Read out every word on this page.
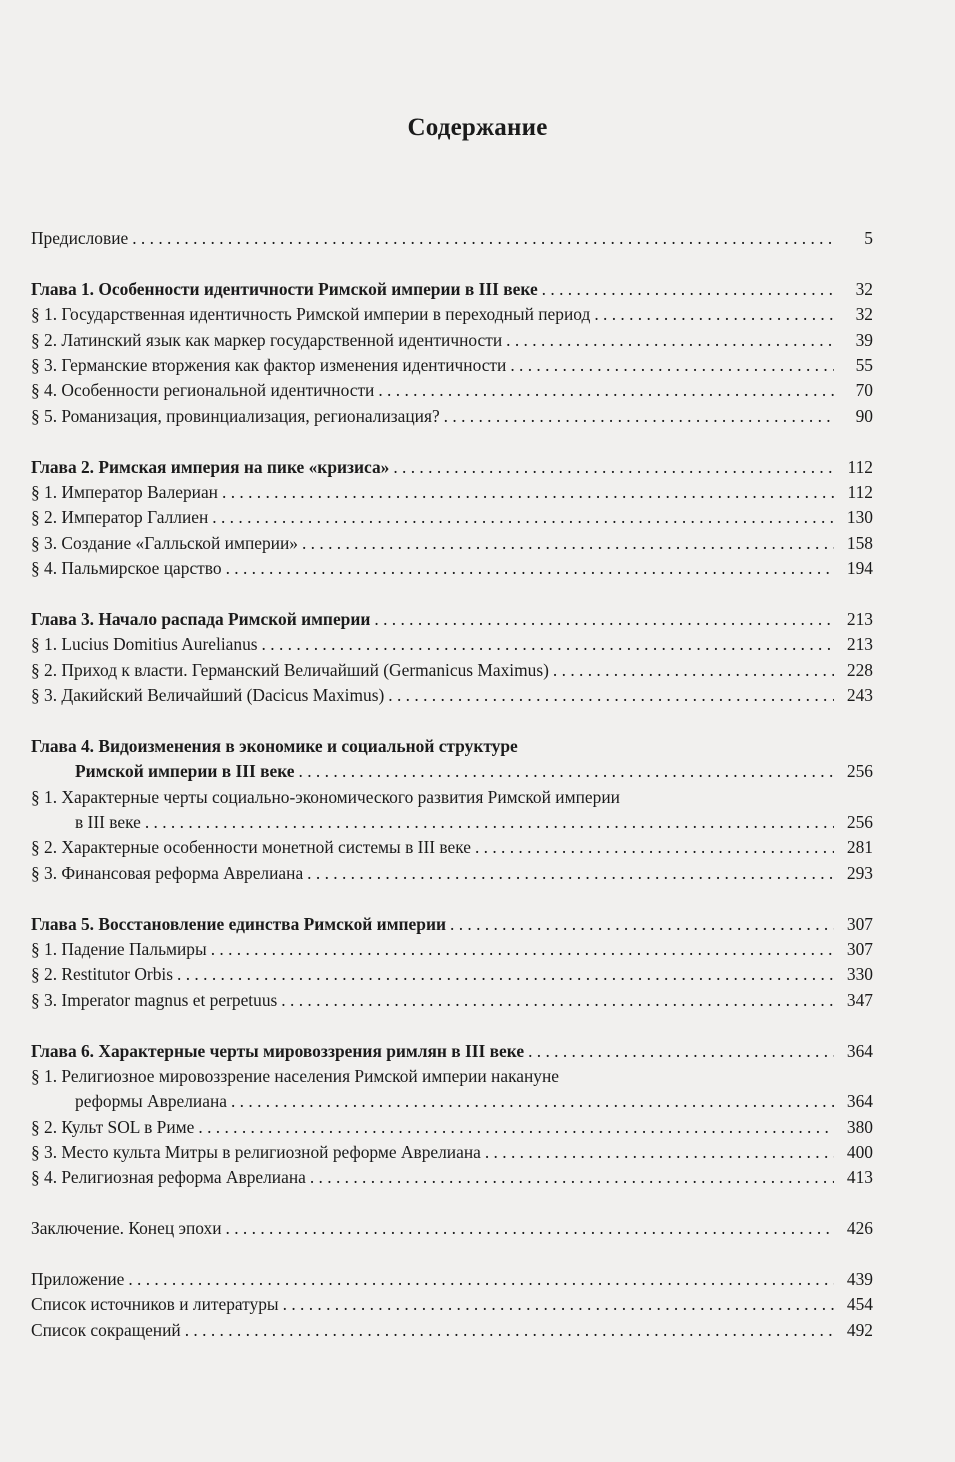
Содержание
Предисловие . . .	5
Глава 1. Особенности идентичности Римской империи в III веке . . .	32
§ 1. Государственная идентичность Римской империи в переходный период . . .	32
§ 2. Латинский язык как маркер государственной идентичности . . .	39
§ 3. Германские вторжения как фактор изменения идентичности . . .	55
§ 4. Особенности региональной идентичности . . .	70
§ 5. Романизация, провинциализация, регионализация? . . .	90
Глава 2. Римская империя на пике «кризиса» . . .	112
§ 1. Император Валериан . . .	112
§ 2. Император Галлиен . . .	130
§ 3. Создание «Галльской империи» . . .	158
§ 4. Пальмирское царство . . .	194
Глава 3. Начало распада Римской империи . . .	213
§ 1. Lucius Domitius Aurelianus . . .	213
§ 2. Приход к власти. Германский Величайший (Germanicus Maximus) . . .	228
§ 3. Дакийский Величайший (Dacicus Maximus) . . .	243
Глава 4. Видоизменения в экономике и социальной структуре
Римской империи в III веке . . .	256
§ 1. Характерные черты социально-экономического развития Римской империи
в III веке . . .	256
§ 2. Характерные особенности монетной системы в III веке . . .	281
§ 3. Финансовая реформа Аврелиана . . .	293
Глава 5. Восстановление единства Римской империи . . .	307
§ 1. Падение Пальмиры . . .	307
§ 2. Restitutor Orbis . . .	330
§ 3. Imperator magnus et perpetuus . . .	347
Глава 6. Характерные черты мировоззрения римлян в III веке . . .	364
§ 1. Религиозное мировоззрение населения Римской империи накануне
реформы Аврелиана . . .	364
§ 2. Культ SOL в Риме . . .	380
§ 3. Место культа Митры в религиозной реформе Аврелиана . . .	400
§ 4. Религиозная реформа Аврелиана . . .	413
Заключение. Конец эпохи . . .	426
Приложение . . .	439
Список источников и литературы . . .	454
Список сокращений . . .	492
